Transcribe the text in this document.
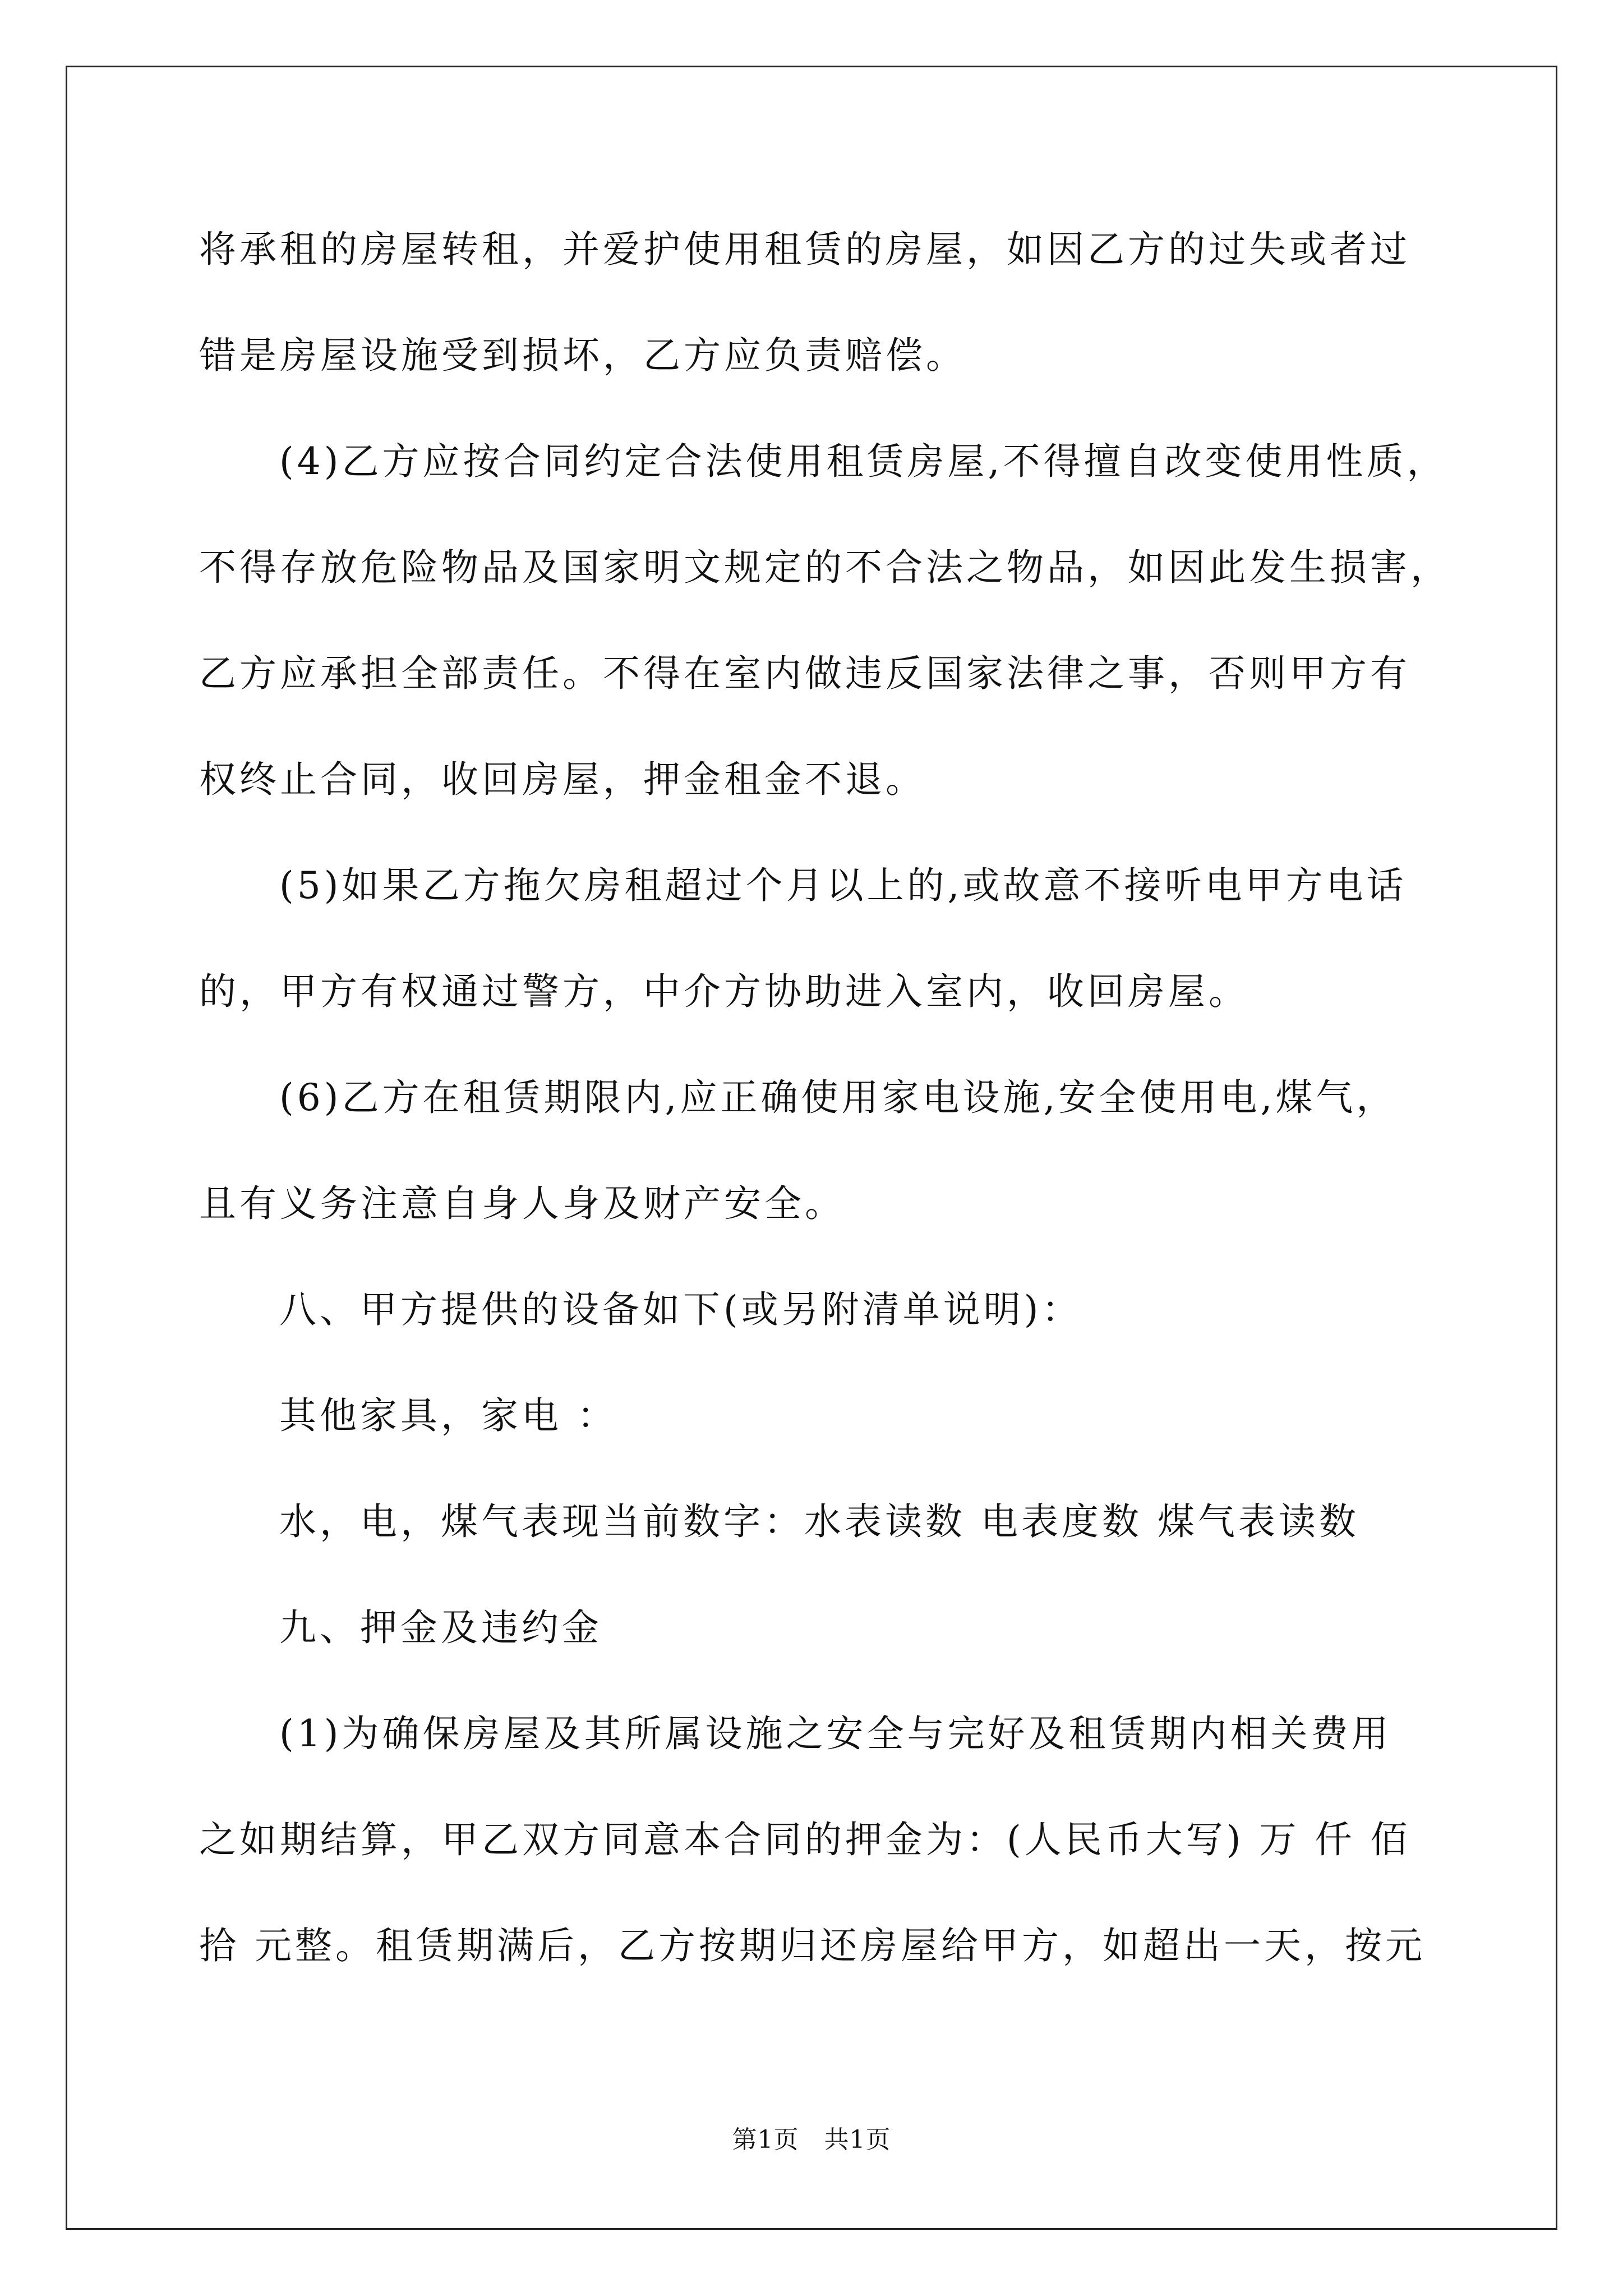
将承租的房屋转租，并爱护使用租赁的房屋，如因乙方的过失或者过
错是房屋设施受到损坏，乙方应负责赔偿。
(4)乙方应按合同约定合法使用租赁房屋,不得擅自改变使用性质，
不得存放危险物品及国家明文规定的不合法之物品，如因此发生损害，
乙方应承担全部责任。不得在室内做违反国家法律之事，否则甲方有
权终止合同，收回房屋，押金租金不退。
(5)如果乙方拖欠房租超过个月以上的,或故意不接听电甲方电话
的，甲方有权通过警方，中介方协助进入室内，收回房屋。
(6)乙方在租赁期限内,应正确使用家电设施,安全使用电,煤气，
且有义务注意自身人身及财产安全。
八、甲方提供的设备如下(或另附清单说明)：
其他家具，家电 ：
水，电，煤气表现当前数字：水表读数 电表度数 煤气表读数
九、押金及违约金
(1)为确保房屋及其所属设施之安全与完好及租赁期内相关费用
之如期结算，甲乙双方同意本合同的押金为：(人民币大写) 万 仟 佰
拾 元整。租赁期满后，乙方按期归还房屋给甲方，如超出一天，按元
第1页　共1页
